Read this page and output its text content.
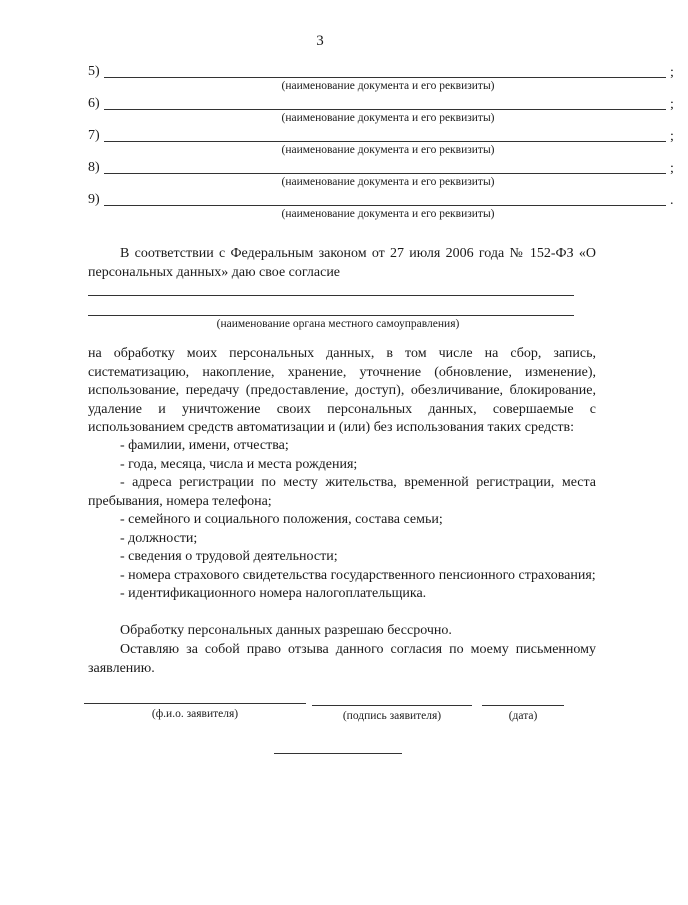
3
5)	;
(наименование документа и его реквизиты)
6)	;
(наименование документа и его реквизиты)
7)	;
(наименование документа и его реквизиты)
8)	;
(наименование документа и его реквизиты)
9)	.
(наименование документа и его реквизиты)

В соответствии с Федеральным законом от 27 июля 2006 года № 152-ФЗ «О персональных данных» даю свое согласие

(наименование органа местного самоуправления)

на обработку моих персональных данных, в том числе на сбор, запись, систематизацию, накопление, хранение, уточнение (обновление, изменение), использование, передачу (предоставление, доступ), обезличивание, блокирование, удаление и уничтожение своих персональных данных, совершаемые с использованием средств автоматизации и (или) без использования таких средств:

- фамилии, имени, отчества;
- года, месяца, числа и места рождения;
- адреса регистрации по месту жительства, временной регистрации, места пребывания, номера телефона;
- семейного и социального положения, состава семьи;
- должности;
- сведения о трудовой деятельности;
- номера страхового свидетельства государственного пенсионного страхования;
- идентификационного номера налогоплательщика.

Обработку персональных данных разрешаю бессрочно.

Оставляю за собой право отзыва данного согласия по моему письменному заявлению.

(ф.и.о. заявителя)	(подпись заявителя)	(дата)
